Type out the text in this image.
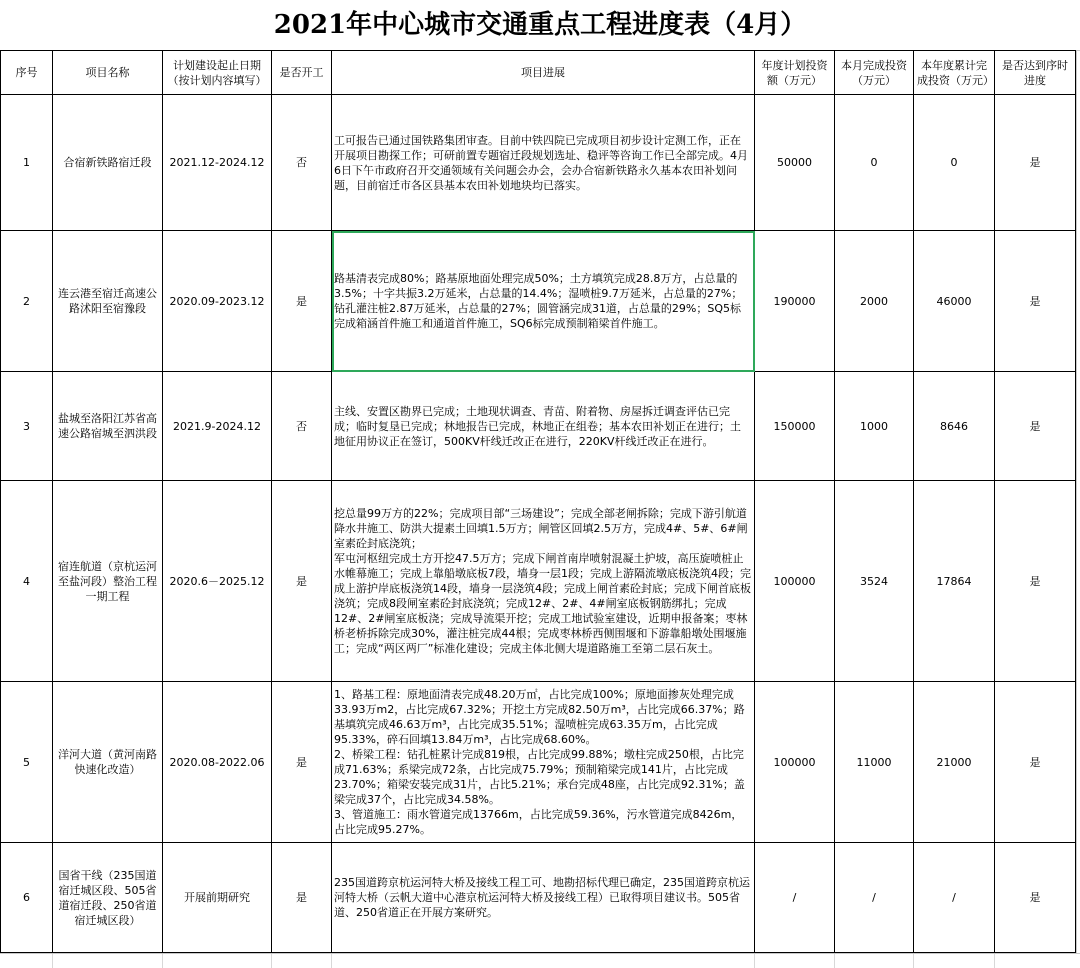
2021年中心城市交通重点工程进度表（4月）
序号	项目名称	计划建设起止日期（按计划内容填写）	是否开工	项目进展	年度计划投资额（万元）	本月完成投资（万元）	本年度累计完成投资（万元）	是否达到序时进度
1	合宿新铁路宿迁段	2021.12-2024.12	否	工可报告已通过国铁路集团审查。目前中铁四院已完成项目初步设计定测工作，正在开展项目勘探工作；可研前置专题宿迁段规划选址、稳评等咨询工作已全部完成。4月6日下午市政府召开交通领域有关问题会办会，会办合宿新铁路永久基本农田补划问题，目前宿迁市各区县基本农田补划地块均已落实。	50000	0	0	是
2	连云港至宿迁高速公路沭阳至宿豫段	2020.09-2023.12	是	路基清表完成80%；路基原地面处理完成50%；土方填筑完成28.8万方，占总量的3.5%；十字共振3.2万延米，占总量的14.4%；湿喷桩9.7万延米，占总量的27%；钻孔灌注桩2.87万延米，占总量的27%；圆管涵完成31道，占总量的29%；SQ5标完成箱涵首件施工和通道首件施工，SQ6标完成预制箱梁首件施工。	190000	2000	46000	是
3	盐城至洛阳江苏省高速公路宿城至泗洪段	2021.9-2024.12	否	主线、安置区勘界已完成；土地现状调查、青苗、附着物、房屋拆迁调查评估已完成；临时复垦已完成；林地报告已完成，林地正在组卷；基本农田补划正在进行；土地征用协议正在签订，500KV杆线迁改正在进行，220KV杆线迁改正在进行。	150000	1000	8646	是
4	宿连航道（京杭运河至盐河段）整治工程一期工程	2020.6－2025.12	是	挖总量99万方的22%；完成项目部“三场建设”；完成全部老闸拆除；完成下游引航道降水井施工、防洪大提素土回填1.5万方；闸管区回填2.5万方，完成4#、5#、6#闸室素砼封底浇筑；
军屯河枢纽完成土方开挖47.5万方；完成下闸首南岸喷射混凝土护坡，高压旋喷桩止水帷幕施工；完成上靠船墩底板7段，墙身一层1段；完成上游隔流墩底板浇筑4段；完成上游护岸底板浇筑14段，墙身一层浇筑4段；完成上闸首素砼封底；完成下闸首底板浇筑；完成8段闸室素砼封底浇筑；完成12#、2#、4#闸室底板钢筋绑扎；完成12#、2#闸室底板浇；完成导流渠开挖；完成工地试验室建设，近期申报备案；枣林桥老桥拆除完成30%，灌注桩完成44根；完成枣林桥西侧围堰和下游靠船墩处围堰施工；完成“两区两厂”标准化建设；完成主体北侧大堤道路施工至第二层石灰土。	100000	3524	17864	是
5	洋河大道（黄河南路快速化改造）	2020.08-2022.06	是	1、路基工程：原地面清表完成48.20万㎡，占比完成100%；原地面掺灰处理完成33.93万m2，占比完成67.32%；开挖土方完成82.50万m³，占比完成66.37%；路基填筑完成46.63万m³，占比完成35.51%；湿喷桩完成63.35万m，占比完成95.33%，碎石回填13.84万m³，占比完成68.60%。
2、桥梁工程：钻孔桩累计完成819根，占比完成99.88%；墩柱完成250根，占比完成71.63%；系梁完成72条，占比完成75.79%；预制箱梁完成141片，占比完成23.70%；箱梁安装完成31片，占比5.21%；承台完成48座，占比完成92.31%；盖梁完成37个，占比完成34.58%。
3、管道施工：雨水管道完成13766m，占比完成59.36%，污水管道完成8426m，占比完成95.27%。	100000	11000	21000	是
6	国省干线（235国道宿迁城区段、505省道宿迁段、250省道宿迁城区段）	开展前期研究	是	235国道跨京杭运河特大桥及接线工程工可、地勘招标代理已确定，235国道跨京杭运河特大桥（云帆大道中心港京杭运河特大桥及接线工程）已取得项目建议书。505省道、250省道正在开展方案研究。	/	/	/	是
